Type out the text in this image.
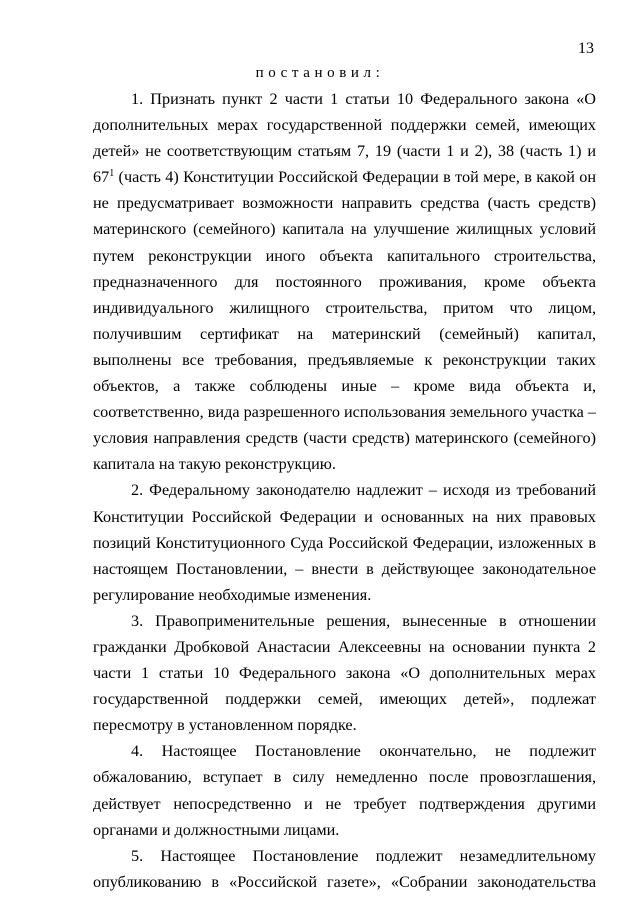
13
постановил:

1. Признать пункт 2 части 1 статьи 10 Федерального закона «О дополнительных мерах государственной поддержки семей, имеющих детей» не соответствующим статьям 7, 19 (части 1 и 2), 38 (часть 1) и $67^1$ (часть 4) Конституции Российской Федерации в той мере, в какой он не предусматривает возможности направить средства (часть средств) материнского (семейного) капитала на улучшение жилищных условий путем реконструкции иного объекта капитального строительства, предназначенного для постоянного проживания, кроме объекта индивидуального жилищного строительства, притом что лицом, получившим сертификат на материнский (семейный) капитал, выполнены все требования, предъявляемые к реконструкции таких объектов, а также соблюдены иные – кроме вида объекта и, соответственно, вида разрешенного использования земельного участка – условия направления средств (части средств) материнского (семейного) капитала на такую реконструкцию.

2. Федеральному законодателю надлежит – исходя из требований Конституции Российской Федерации и основанных на них правовых позиций Конституционного Суда Российской Федерации, изложенных в настоящем Постановлении, – внести в действующее законодательное регулирование необходимые изменения.

3. Правоприменительные решения, вынесенные в отношении гражданки Дробковой Анастасии Алексеевны на основании пункта 2 части 1 статьи 10 Федерального закона «О дополнительных мерах государственной поддержки семей, имеющих детей», подлежат пересмотру в установленном порядке.

4. Настоящее Постановление окончательно, не подлежит обжалованию, вступает в силу немедленно после провозглашения, действует непосредственно и не требует подтверждения другими органами и должностными лицами.

5. Настоящее Постановление подлежит незамедлительному опубликованию в «Российской газете», «Собрании законодательства
